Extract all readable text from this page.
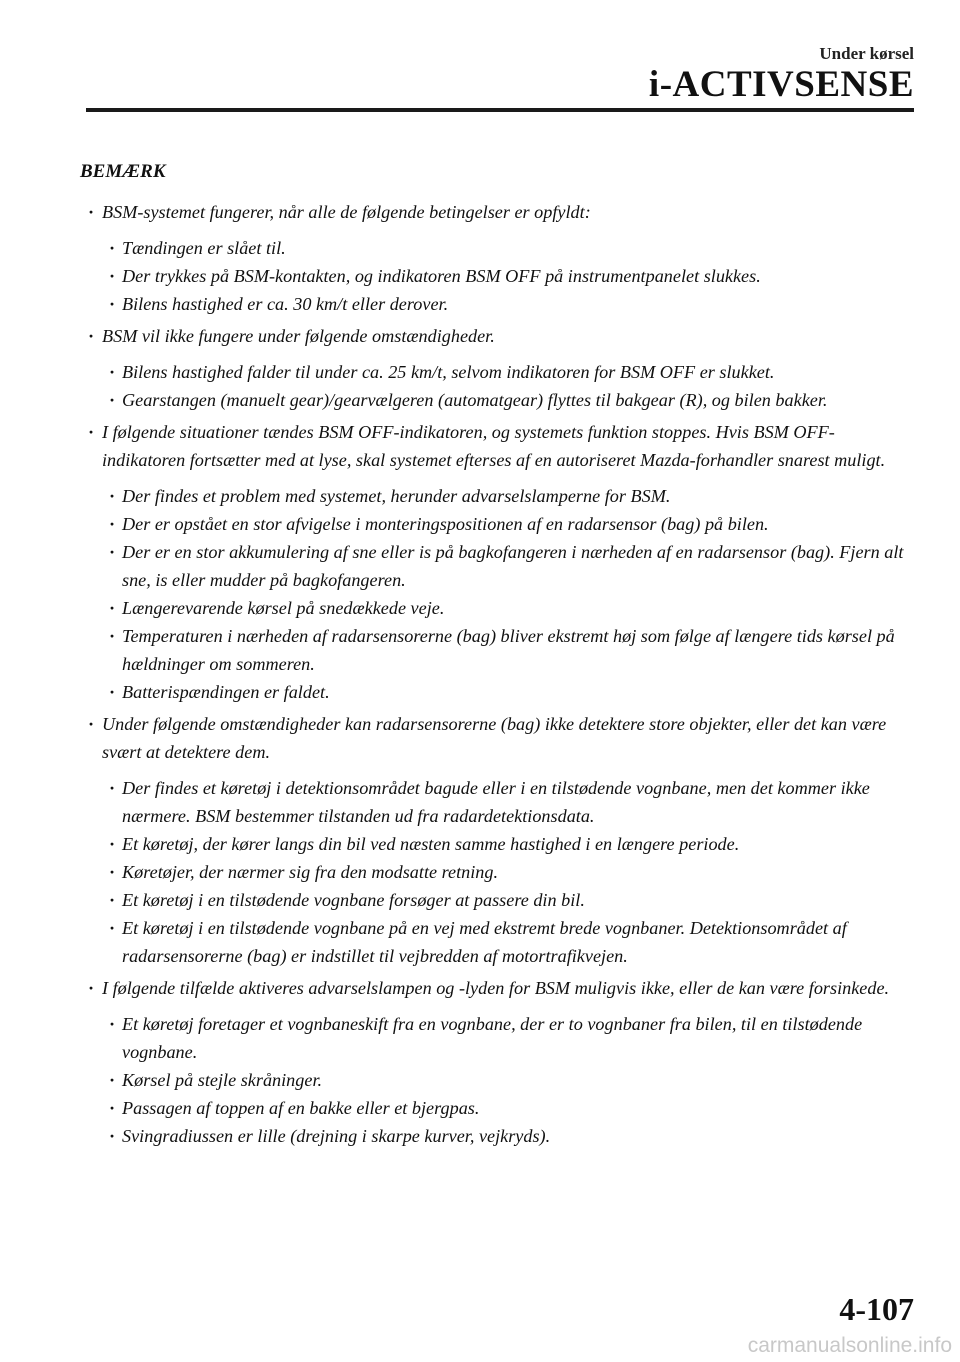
Under kørsel
i-ACTIVSENSE
BEMÆRK
· BSM-systemet fungerer, når alle de følgende betingelser er opfyldt:
· Tændingen er slået til.
· Der trykkes på BSM-kontakten, og indikatoren BSM OFF på instrumentpanelet slukkes.
· Bilens hastighed er ca. 30 km/t eller derover.
· BSM vil ikke fungere under følgende omstændigheder.
· Bilens hastighed falder til under ca. 25 km/t, selvom indikatoren for BSM OFF er slukket.
· Gearstangen (manuelt gear)/gearvælgeren (automatgear) flyttes til bakgear (R), og bilen bakker.
· I følgende situationer tændes BSM OFF-indikatoren, og systemets funktion stoppes. Hvis BSM OFF-indikatoren fortsætter med at lyse, skal systemet efterses af en autoriseret Mazda-forhandler snarest muligt.
· Der findes et problem med systemet, herunder advarselslamperne for BSM.
· Der er opstået en stor afvigelse i monteringspositionen af en radarsensor (bag) på bilen.
· Der er en stor akkumulering af sne eller is på bagkofangeren i nærheden af en radarsensor (bag). Fjern alt sne, is eller mudder på bagkofangeren.
· Længerevarende kørsel på snedækkede veje.
· Temperaturen i nærheden af radarsensorerne (bag) bliver ekstremt høj som følge af længere tids kørsel på hældninger om sommeren.
· Batterispændingen er faldet.
· Under følgende omstændigheder kan radarsensorerne (bag) ikke detektere store objekter, eller det kan være svært at detektere dem.
· Der findes et køretøj i detektionsområdet bagude eller i en tilstødende vognbane, men det kommer ikke nærmere. BSM bestemmer tilstanden ud fra radardetektionsdata.
· Et køretøj, der kører langs din bil ved næsten samme hastighed i en længere periode.
· Køretøjer, der nærmer sig fra den modsatte retning.
· Et køretøj i en tilstødende vognbane forsøger at passere din bil.
· Et køretøj i en tilstødende vognbane på en vej med ekstremt brede vognbaner. Detektionsområdet af radarsensorerne (bag) er indstillet til vejbredden af motortrafikvejen.
· I følgende tilfælde aktiveres advarselslampen og -lyden for BSM muligvis ikke, eller de kan være forsinkede.
· Et køretøj foretager et vognbaneskift fra en vognbane, der er to vognbaner fra bilen, til en tilstødende vognbane.
· Kørsel på stejle skråninger.
· Passagen af toppen af en bakke eller et bjergpas.
· Svingradiussen er lille (drejning i skarpe kurver, vejkryds).
4-107
carmanualsonline.info
